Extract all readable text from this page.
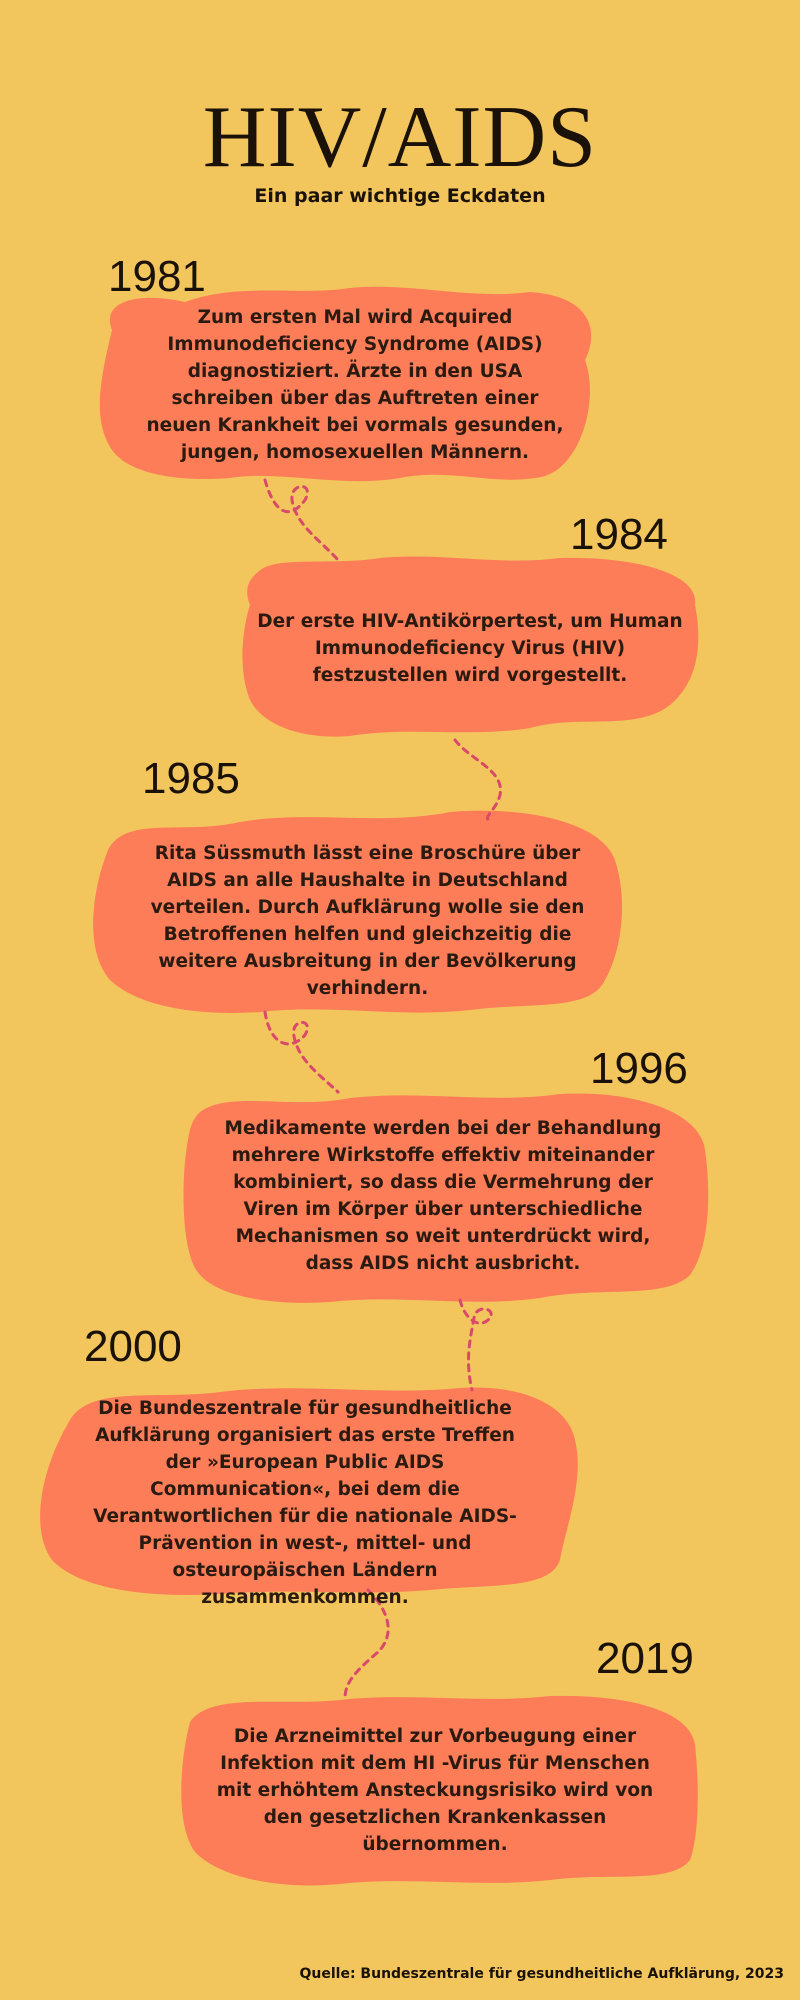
HIV/AIDS
Ein paar wichtige Eckdaten
1981
1984
1985
1996
2000
2019
Zum ersten Mal wird Acquired Immunodeficiency Syndrome (AIDS) diagnostiziert. Ärzte in den USA schreiben über das Auftreten einer neuen Krankheit bei vormals gesunden, jungen, homosexuellen Männern.
Der erste HIV-Antikörpertest, um Human Immunodeficiency Virus (HIV) festzustellen wird vorgestellt.
Rita Süssmuth lässt eine Broschüre über AIDS an alle Haushalte in Deutschland verteilen. Durch Aufklärung wolle sie den Betroffenen helfen und gleichzeitig die weitere Ausbreitung in der Bevölkerung verhindern.
Medikamente werden bei der Behandlung mehrere Wirkstoffe effektiv miteinander kombiniert, so dass die Vermehrung der Viren im Körper über unterschiedliche Mechanismen so weit unterdrückt wird, dass AIDS nicht ausbricht.
Die Bundeszentrale für gesundheitliche Aufklärung organisiert das erste Treffen der »European Public AIDS Communication«, bei dem die Verantwortlichen für die nationale AIDS-Prävention in west-, mittel- und osteuropäischen Ländern zusammenkommen.
Die Arzneimittel zur Vorbeugung einer Infektion mit dem HI -Virus für Menschen mit erhöhtem Ansteckungsrisiko wird von den gesetzlichen Krankenkassen übernommen.
Quelle: Bundeszentrale für gesundheitliche Aufklärung, 2023
